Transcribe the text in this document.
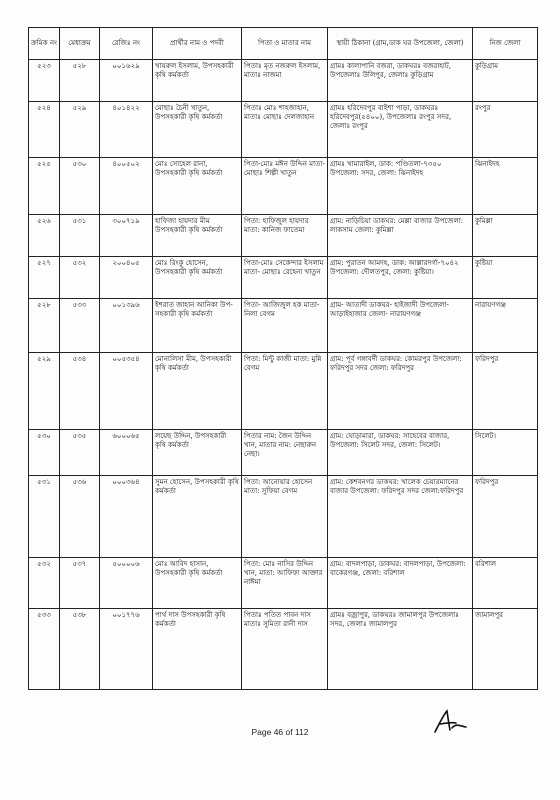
ক্রমিক নং	মেধাক্রম	রেজিঃ নং	প্রার্থীর নাম ও পদবী	পিতা ও মাতার নাম	স্থায়ী ঠিকানা (গ্রাম,ডাক ঘর উপজেলা, জেলা)	নিজ জেলা
৫২৩	৫২৮	০০১৬২৯	খায়রুল ইসলাম, উপসহকারী কৃষি কর্মকর্তা	পিতাঃ মৃত নজরুল ইসলাম, মাতাঃ নাজমা	গ্রামঃ কালাপানি বজরা, ডাকঘরঃ বজরাহাট, উপজেলাঃ উলিপুর, জেলাঃ কুড়িগ্রাম	কুড়িগ্রাম
৫২৪	৫২৯	৪০১৪২২	মোছাঃ চৈনী খাতুন, উপসহকারী কৃষি কর্মকর্তা	পিতাঃ মোঃ শাহজাহান, মাতাঃ মোছাঃ দেলজাহান	গ্রামঃ হরিদেবপুর বাইশা পাড়া, ডাকঘরঃ হরিদেবপুর(৫৪০০), উপজেলাঃ রংপুর সদর, জেলাঃ রংপুর	রংপুর
৫২৫	৫৩০	৪০০৫০২	মোঃ সোহেল রানা, উপসহকারী কৃষি কর্মকর্তা	পিতা-মোঃ মঈন উদ্দিন মাতা-মোছাঃ শিল্পী খাতুন	গ্রামঃ খামারাইল, ডাক: পণ্ডিতলা-৭৩৫০ উপজেলা: সদর, জেলা: ঝিনাইদহ	ঝিনাইদহ
৫২৬	৫৩১	৩০০৭১৯	হাফিজা হায়দার মীম উপসহকারী কৃষি কর্মকর্তা	পিতা: হাফিজুল হায়দার মাতা: কানিজ ফাতেমা	গ্রাম: নাড়িচিয়া ডাকঘর: মেল্লা বাজার উপজেলা: লাকসাম জেলা: কুমিল্লা	কুমিল্লা
৫২৭	৫৩২	২০০৪০৫	মোঃ রিংকু হোসেন, উপসহকারী কৃষি কর্মকর্তা	পিতা-মোঃ সেকেন্দার ইসলাম মাতা- মোছাঃ রেহেনা খাতুন	গ্রাম: পুরাতন আমদহ, ডাক: আল্লারদর্গা-৭০৪২ উপজেলা: দৌলতপুর, জেলা: কুষ্টিয়া।	কুষ্টিয়া
৫২৮	৫৩৩	০০১৩৯৬	ইশরাত জাহান আনিকা উপ-সহকারী কৃষি কর্মকর্তা	পিতা- আজিজুল হক মাতা- নিলা বেগম	গ্রাম- আতাদী ডাকঘর- হাইজাদী উপজেলা- আড়াইহাজার জেলা- নারায়ণগঞ্জ	নারায়ণগঞ্জ
৫২৯	৫৩৪	০০৫৩৫৪	মোনালিসা মীম, উপসহকারী কৃষি কর্মকর্তা	পিতা: মিন্টু কাজী মাতা: মুন্নি বেগম	গ্রাম: পূর্ব গঙ্গাবর্দী ডাকঘর: কোমরপুর উপজেলা: ফরিদপুর সদর জেলা: ফরিদপুর	ফরিদপুর
৫৩০	৫৩৫	৬০০০৬৫	লয়েছ উদ্দিন, উপসহকারী কৃষি কর্মকর্তা	পিতার নাম: জৈন উদ্দিন খান, মাতার নাম: নেছারুন নেছা।	গ্রাম: ঘোড়ামারা, ডাকঘর: সাহেবের বাজার, উপজেলা: সিলেট সদর, জেলা: সিলেট।	সিলেট।
৫৩১	৫৩৬	০০০৩৬৪	সুমন হোসেন, উপসহকারী কৃষি কর্মকর্তা	পিতা: আনোয়ার হোসেন মাতা: সুফিয়া বেগম	গ্রাম: কেশবনগর ডাকঘর: খালেক চেয়ারম্যানের বাজার উপজেলা: ফরিদপুর সদর জেলা:ফরিদপুর	ফরিদপুর
৫৩২	৫৩৭	৫০০০০৬	মোঃ আবিদ হাসান, উপসহকারী কৃষি কর্মকর্তা	পিতা: মোঃ নাসির উদ্দিন খান, মাতা: আফিফা আক্তার নাঈমা	গ্রাম: বাদলপাড়া, ডাকঘর: বাদলপাড়া, উপজেলা: বাকেরগঞ্জ, জেলা: বরিশাল	বরিশাল
৫৩৩	৫৩৮	০০১৭৭৬	পার্থ দাস উপসহকারী কৃষি কর্মকর্তা	পিতাঃ পতিত পাবন দাস মাতাঃ সুমিতা রানী দাস	গ্রামঃ বজ্রাপুর, ডাকঘরঃ জামালপুর উপজেলাঃ সদর, জেলাঃ জামালপুর	জামালপুর
Page 46 of 112
